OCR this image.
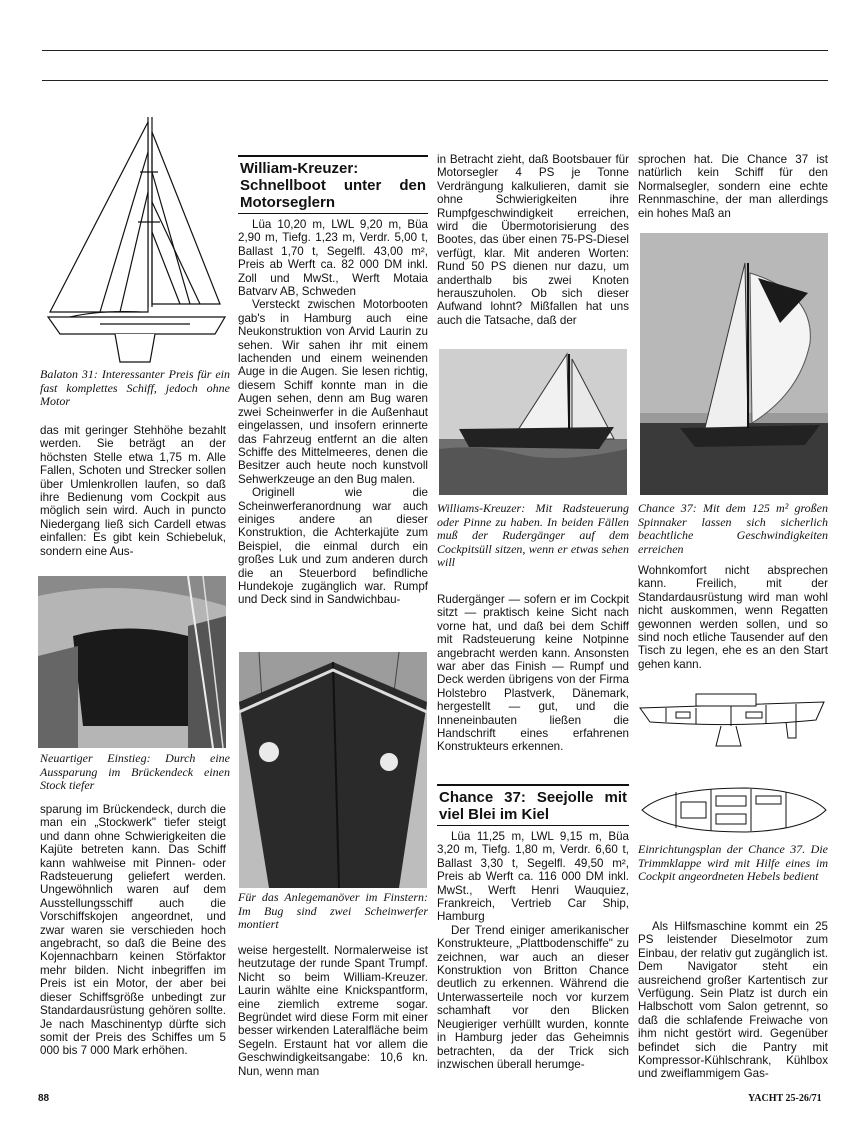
Balaton 31: Interessanter Preis für ein fast komplettes Schiff, jedoch ohne Motor

das mit geringer Stehhöhe bezahlt werden. Sie beträgt an der höchsten Stelle etwa 1,75 m. Alle Fallen, Schoten und Strecker sollen über Umlenkrollen laufen, so daß ihre Bedienung vom Cockpit aus möglich sein wird. Auch in puncto Niedergang ließ sich Cardell etwas einfallen: Es gibt kein Schiebeluk, sondern eine Aus-

Neuartiger Einstieg: Durch eine Aussparung im Brückendeck einen Stock tiefer

sparung im Brückendeck, durch die man ein „Stockwerk" tiefer steigt und dann ohne Schwierigkeiten die Kajüte betreten kann. Das Schiff kann wahlweise mit Pinnen- oder Radsteuerung geliefert werden. Ungewöhnlich waren auf dem Ausstellungsschiff auch die Vorschiffskojen angeordnet, und zwar waren sie verschieden hoch angebracht, so daß die Beine des Kojennachbarn keinen Störfaktor mehr bilden. Nicht inbegriffen im Preis ist ein Motor, der aber bei dieser Schiffsgröße unbedingt zur Standardausrüstung gehören sollte. Je nach Maschinentyp dürfte sich somit der Preis des Schiffes um 5 000 bis 7 000 Mark erhöhen.

William-Kreuzer: Schnellboot unter den Motorseglern

Lüa 10,20 m, LWL 9,20 m, Büa 2,90 m, Tiefg. 1,23 m, Verdr. 5,00 t, Ballast 1,70 t, Segelfl. 43,00 m², Preis ab Werft ca. 82 000 DM inkl. Zoll und MwSt., Werft Motaia Batvarv AB, Schweden

Versteckt zwischen Motorbooten gab's in Hamburg auch eine Neukonstruktion von Arvid Laurin zu sehen. Wir sahen ihr mit einem lachenden und einem weinenden Auge in die Augen. Sie lesen richtig, diesem Schiff konnte man in die Augen sehen, denn am Bug waren zwei Scheinwerfer in die Außenhaut eingelassen, und insofern erinnerte das Fahrzeug entfernt an die alten Schiffe des Mittelmeeres, denen die Besitzer auch heute noch kunstvoll Sehwerkzeuge an den Bug malen.

Originell wie die Scheinwerferanordnung war auch einiges andere an dieser Konstruktion, die Achterkajüte zum Beispiel, die einmal durch ein großes Luk und zum anderen durch die an Steuerbord befindliche Hundekoje zugänglich war. Rumpf und Deck sind in Sandwichbau-

Für das Anlegemanöver im Finstern: Im Bug sind zwei Scheinwerfer montiert

weise hergestellt. Normalerweise ist heutzutage der runde Spant Trumpf. Nicht so beim William-Kreuzer. Laurin wählte eine Knickspantform, eine ziemlich extreme sogar. Begründet wird diese Form mit einer besser wirkenden Lateralfläche beim Segeln. Erstaunt hat vor allem die Geschwindigkeitsangabe: 10,6 kn. Nun, wenn man

in Betracht zieht, daß Bootsbauer für Motorsegler 4 PS je Tonne Verdrängung kalkulieren, damit sie ohne Schwierigkeiten ihre Rumpfgeschwindigkeit erreichen, wird die Übermotorisierung des Bootes, das über einen 75-PS-Diesel verfügt, klar. Mit anderen Worten: Rund 50 PS dienen nur dazu, um anderthalb bis zwei Knoten herauszuholen. Ob sich dieser Aufwand lohnt? Mißfallen hat uns auch die Tatsache, daß der

Williams-Kreuzer: Mit Radsteuerung oder Pinne zu haben. In beiden Fällen muß der Rudergänger auf dem Cockpitsüll sitzen, wenn er etwas sehen will

Rudergänger — sofern er im Cockpit sitzt — praktisch keine Sicht nach vorne hat, und daß bei dem Schiff mit Radsteuerung keine Notpinne angebracht werden kann. Ansonsten war aber das Finish — Rumpf und Deck werden übrigens von der Firma Holstebro Plastverk, Dänemark, hergestellt — gut, und die Inneneinbauten ließen die Handschrift eines erfahrenen Konstrukteurs erkennen.

Chance 37: Seejolle mit viel Blei im Kiel

Lüa 11,25 m, LWL 9,15 m, Büa 3,20 m, Tiefg. 1,80 m, Verdr. 6,60 t, Ballast 3,30 t, Segelfl. 49,50 m², Preis ab Werft ca. 116 000 DM inkl. MwSt., Werft Henri Wauquiez, Frankreich, Vertrieb Car Ship, Hamburg

Der Trend einiger amerikanischer Konstrukteure, „Plattbodenschiffe" zu zeichnen, war auch an dieser Konstruktion von Britton Chance deutlich zu erkennen. Während die Unterwasserteile noch vor kurzem schamhaft vor den Blicken Neugieriger verhüllt wurden, konnte in Hamburg jeder das Geheimnis betrachten, da der Trick sich inzwischen überall herumge-

sprochen hat. Die Chance 37 ist natürlich kein Schiff für den Normalsegler, sondern eine echte Rennmaschine, der man allerdings ein hohes Maß an

Chance 37: Mit dem 125 m² großen Spinnaker lassen sich sicherlich beachtliche Geschwindigkeiten erreichen

Wohnkomfort nicht absprechen kann. Freilich, mit der Standardausrüstung wird man wohl nicht auskommen, wenn Regatten gewonnen werden sollen, und so sind noch etliche Tausender auf den Tisch zu legen, ehe es an den Start gehen kann.

Einrichtungsplan der Chance 37. Die Trimmklappe wird mit Hilfe eines im Cockpit angeordneten Hebels bedient

Als Hilfsmaschine kommt ein 25 PS leistender Dieselmotor zum Einbau, der relativ gut zugänglich ist. Dem Navigator steht ein ausreichend großer Kartentisch zur Verfügung. Sein Platz ist durch ein Halbschott vom Salon getrennt, so daß die schlafende Freiwache von ihm nicht gestört wird. Gegenüber befindet sich die Pantry mit Kompressor-Kühlschrank, Kühlbox und zweiflammigem Gas-

88	YACHT 25-26/71
